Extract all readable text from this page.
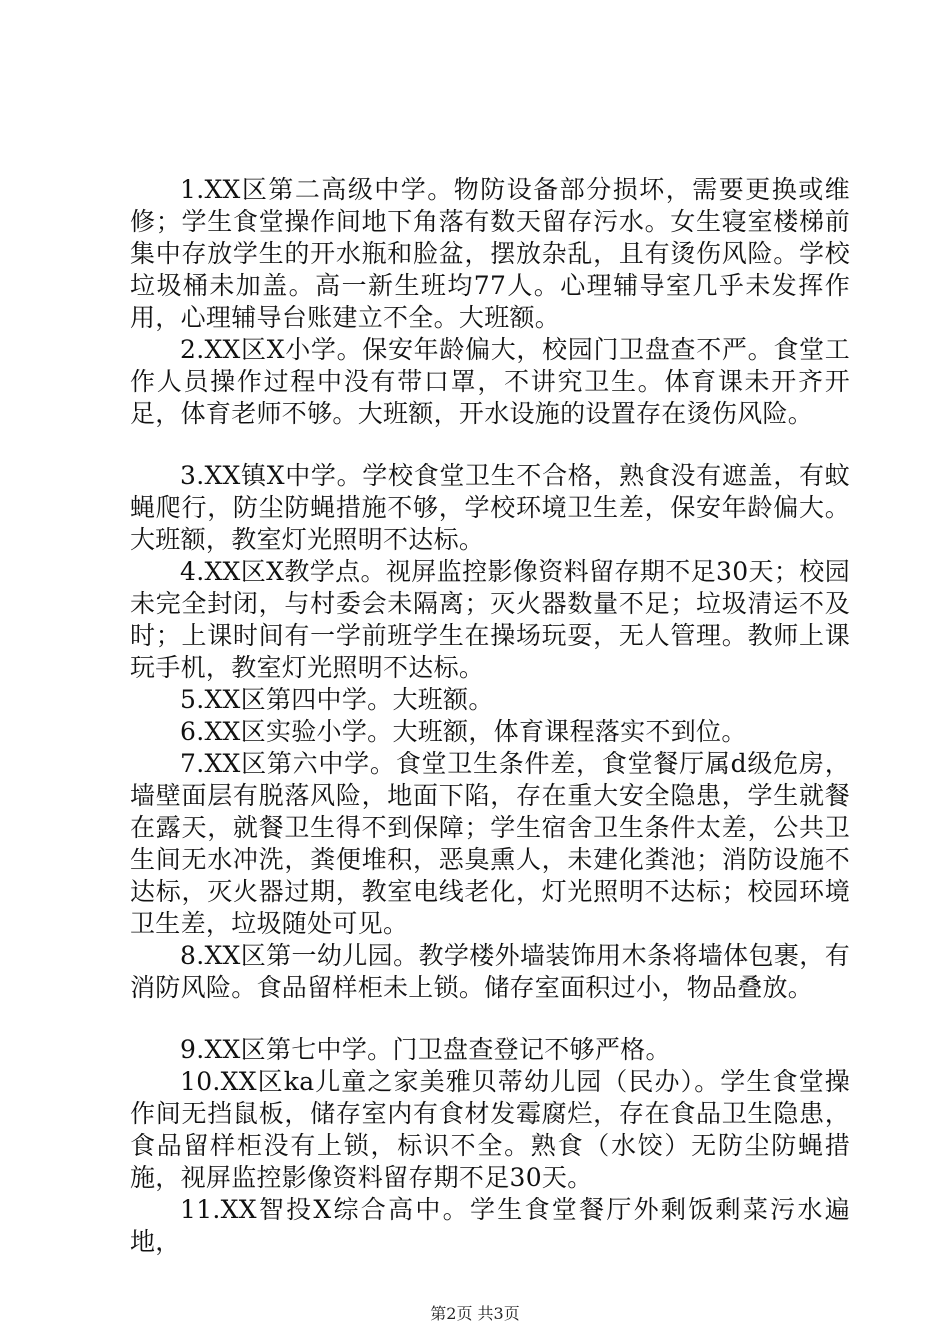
1.XX区第二高级中学。物防设备部分损坏，需要更换或维修；学生食堂操作间地下角落有数天留存污水。女生寝室楼梯前集中存放学生的开水瓶和脸盆，摆放杂乱，且有烫伤风险。学校垃圾桶未加盖。高一新生班均77人。心理辅导室几乎未发挥作用，心理辅导台账建立不全。大班额。

2.XX区X小学。保安年龄偏大，校园门卫盘查不严。食堂工作人员操作过程中没有带口罩，不讲究卫生。体育课未开齐开足，体育老师不够。大班额，开水设施的设置存在烫伤风险。

3.XX镇X中学。学校食堂卫生不合格，熟食没有遮盖，有蚊蝇爬行，防尘防蝇措施不够，学校环境卫生差，保安年龄偏大。大班额，教室灯光照明不达标。

4.XX区X教学点。视屏监控影像资料留存期不足30天；校园未完全封闭，与村委会未隔离；灭火器数量不足；垃圾清运不及时；上课时间有一学前班学生在操场玩耍，无人管理。教师上课玩手机，教室灯光照明不达标。

5.XX区第四中学。大班额。

6.XX区实验小学。大班额，体育课程落实不到位。

7.XX区第六中学。食堂卫生条件差，食堂餐厅属d级危房，墙壁面层有脱落风险，地面下陷，存在重大安全隐患，学生就餐在露天，就餐卫生得不到保障；学生宿舍卫生条件太差，公共卫生间无水冲洗，粪便堆积，恶臭熏人，未建化粪池；消防设施不达标，灭火器过期，教室电线老化，灯光照明不达标；校园环境卫生差，垃圾随处可见。

8.XX区第一幼儿园。教学楼外墙装饰用木条将墙体包裹，有消防风险。食品留样柜未上锁。储存室面积过小，物品叠放。

9.XX区第七中学。门卫盘查登记不够严格。

10.XX区ka儿童之家美雅贝蒂幼儿园（民办）。学生食堂操作间无挡鼠板，储存室内有食材发霉腐烂，存在食品卫生隐患，食品留样柜没有上锁，标识不全。熟食（水饺）无防尘防蝇措施，视屏监控影像资料留存期不足30天。

11.XX智投X综合高中。学生食堂餐厅外剩饭剩菜污水遍地，

第2页 共3页
